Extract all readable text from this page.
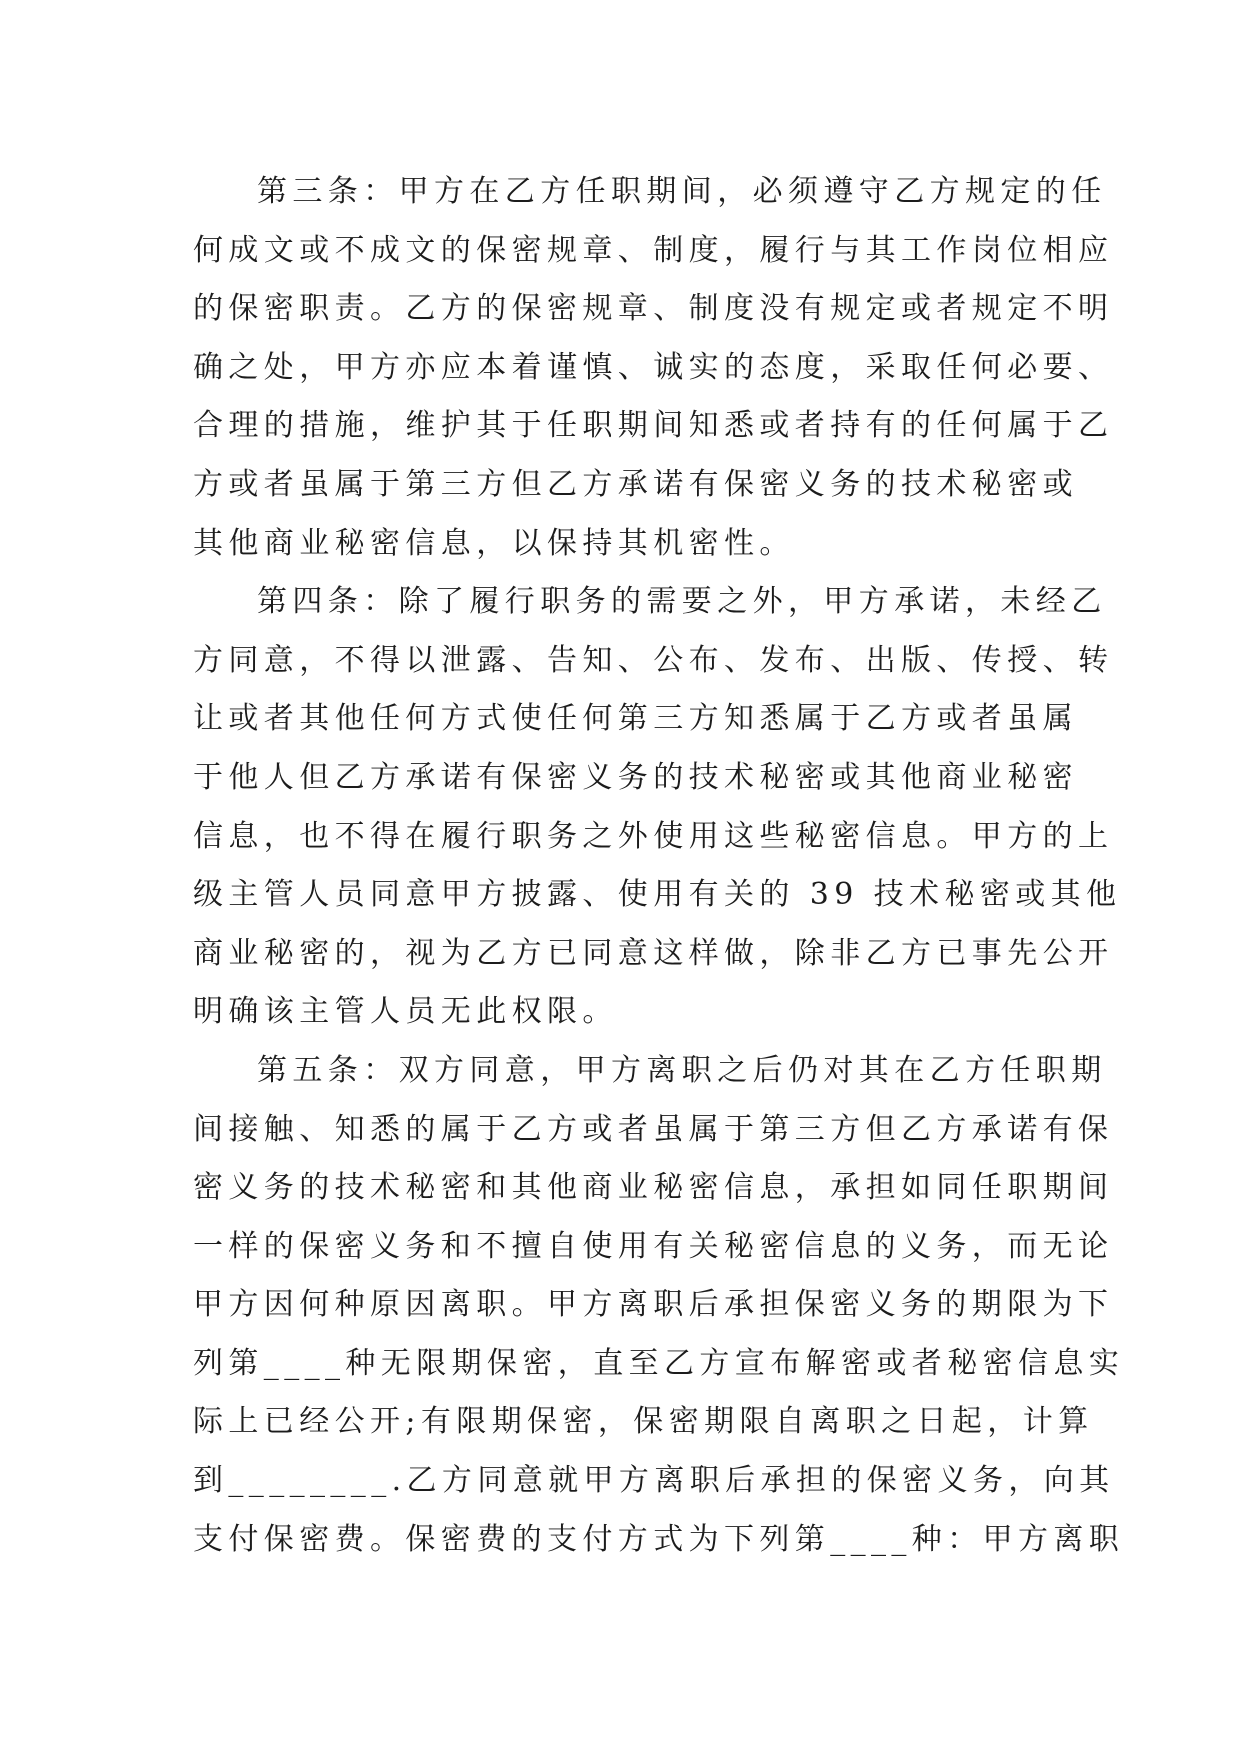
第三条：甲方在乙方任职期间，必须遵守乙方规定的任
何成文或不成文的保密规章、制度，履行与其工作岗位相应
的保密职责。乙方的保密规章、制度没有规定或者规定不明
确之处，甲方亦应本着谨慎、诚实的态度，采取任何必要、
合理的措施，维护其于任职期间知悉或者持有的任何属于乙
方或者虽属于第三方但乙方承诺有保密义务的技术秘密或
其他商业秘密信息，以保持其机密性。
第四条：除了履行职务的需要之外，甲方承诺，未经乙
方同意，不得以泄露、告知、公布、发布、出版、传授、转
让或者其他任何方式使任何第三方知悉属于乙方或者虽属
于他人但乙方承诺有保密义务的技术秘密或其他商业秘密
信息，也不得在履行职务之外使用这些秘密信息。甲方的上
级主管人员同意甲方披露、使用有关的 39 技术秘密或其他
商业秘密的，视为乙方已同意这样做，除非乙方已事先公开
明确该主管人员无此权限。
第五条：双方同意，甲方离职之后仍对其在乙方任职期
间接触、知悉的属于乙方或者虽属于第三方但乙方承诺有保
密义务的技术秘密和其他商业秘密信息，承担如同任职期间
一样的保密义务和不擅自使用有关秘密信息的义务，而无论
甲方因何种原因离职。甲方离职后承担保密义务的期限为下
列第____种无限期保密，直至乙方宣布解密或者秘密信息实
际上已经公开;有限期保密，保密期限自离职之日起，计算
到________.乙方同意就甲方离职后承担的保密义务，向其
支付保密费。保密费的支付方式为下列第____种：甲方离职
